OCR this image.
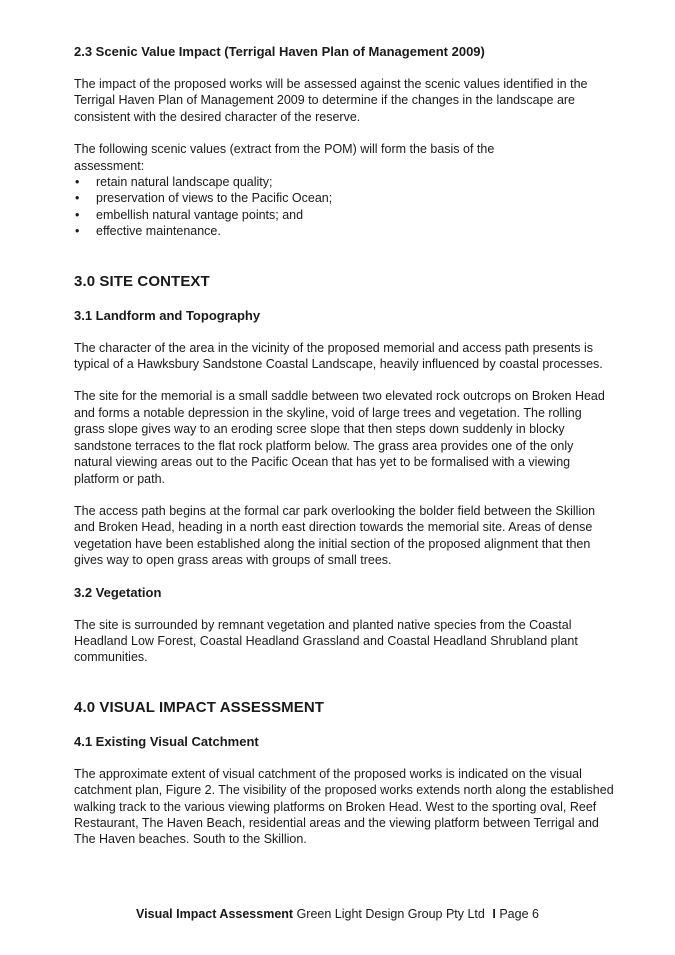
2.3 Scenic Value Impact (Terrigal Haven Plan of Management 2009)

The impact of the proposed works will be assessed against the scenic values identified in the Terrigal Haven Plan of Management 2009 to determine if the changes in the landscape are consistent with the desired character of the reserve.

The following scenic values (extract from the POM) will form the basis of the assessment:

• retain natural landscape quality;
• preservation of views to the Pacific Ocean;
• embellish natural vantage points; and
• effective maintenance.
3.0 SITE CONTEXT
3.1 Landform and Topography

The character of the area in the vicinity of the proposed memorial and access path presents is typical of a Hawksbury Sandstone Coastal Landscape, heavily influenced by coastal processes.

The site for the memorial is a small saddle between two elevated rock outcrops on Broken Head and forms a notable depression in the skyline, void of large trees and vegetation. The rolling grass slope gives way to an eroding scree slope that then steps down suddenly in blocky sandstone terraces to the flat rock platform below. The grass area provides one of the only natural viewing areas out to the Pacific Ocean that has yet to be formalised with a viewing platform or path.

The access path begins at the formal car park overlooking the bolder field between the Skillion and Broken Head, heading in a north east direction towards the memorial site. Areas of dense vegetation have been established along the initial section of the proposed alignment that then gives way to open grass areas with groups of small trees.

3.2 Vegetation

The site is surrounded by remnant vegetation and planted native species from the Coastal Headland Low Forest, Coastal Headland Grassland and Coastal Headland Shrubland plant communities.

4.0 VISUAL IMPACT ASSESSMENT
4.1 Existing Visual Catchment

The approximate extent of visual catchment of the proposed works is indicated on the visual catchment plan, Figure 2. The visibility of the proposed works extends north along the established walking track to the various viewing platforms on Broken Head. West to the sporting oval, Reef Restaurant, The Haven Beach, residential areas and the viewing platform between Terrigal and The Haven beaches. South to the Skillion.

Visual Impact Assessment Green Light Design Group Pty Ltd I Page 6
